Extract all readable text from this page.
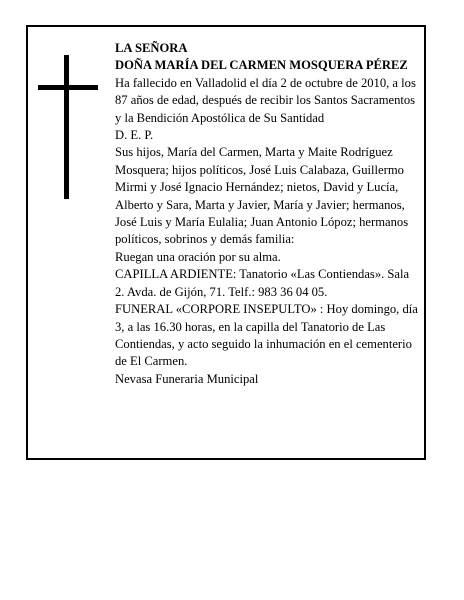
LA SEÑORA

DOÑA MARÍA DEL CARMEN MOSQUERA PÉREZ

Ha fallecido en Valladolid el día 2 de octubre de 2010, a los 87 años de edad, después de recibir los Santos Sacramentos y la Bendición Apostólica de Su Santidad

D. E. P.

Sus hijos, María del Carmen, Marta y Maite Rodríguez Mosquera; hijos políticos, José Luis Calabaza, Guillermo Mirmi y José Ignacio Hernández; nietos, David y Lucía, Alberto y Sara, Marta y Javier, María y Javier; hermanos, José Luis y María Eulalia; Juan Antonio Lópoz; hermanos políticos, sobrinos y demás familia:

Ruegan una oración por su alma.

CAPILLA ARDIENTE: Tanatorio «Las Contiendas». Sala 2. Avda. de Gijón, 71. Telf.: 983 36 04 05.

FUNERAL «CORPORE INSEPULTO» : Hoy domingo, día 3, a las 16.30 horas, en la capilla del Tanatorio de Las Contiendas, y acto seguido la inhumación en el cementerio de El Carmen.

Nevasa Funeraria Municipal
